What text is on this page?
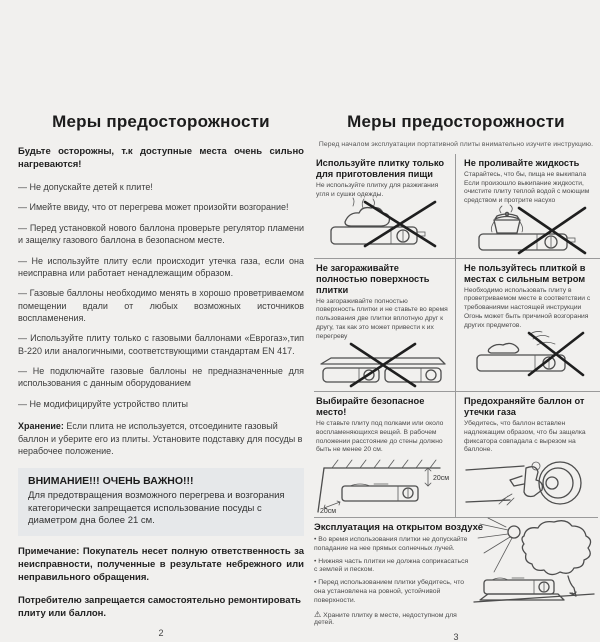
Меры предосторожности

Будьте осторожны, т.к доступные места очень сильно нагреваются!

— Не допускайте детей к плите!

— Имейте ввиду, что от перегрева может произойти возгорание!

— Перед установкой нового баллона проверьте регулятор пламени и защелку газового баллона в безопасном месте.

— Не используйте плиту если происходит утечка газа, если она неисправна или работает ненадлежащим образом.

— Газовые баллоны необходимо менять в хорошо проветриваемом помещении вдали от любых возможных источников воспламенения.

— Используйте плиту только с газовыми баллонами «Еврогаз»,тип В-220 или аналогичными, соответствующими стандартам EN 417.

— Не подключайте газовые баллоны не предназначенные для использования с данным оборудованием

— Не модифицируйте устройство плиты

Хранение: Если плита не используется, отсоедините газовый баллон и уберите его из плиты. Установите подставку для посуды в нерабочее положение.

ВНИМАНИЕ!!! ОЧЕНЬ ВАЖНО!!!

Для предотвращения возможного перегрева и возгорания категорически запрещается использование посуды с диаметром дна более 21 см.

Примечание: Покупатель несет полную ответственность за неисправности, полученные в результате небрежного или неправильного обращения.

Потребителю запрещается самостоятельно ремонтировать плиту или баллон.

2
Меры предосторожности

Перед началом эксплуатации портативной плиты внимательно изучите инструкцию.

Используйте плитку только для приготовления пищи

Не используйте плитку для разжигания угля и сушки одежды.

Не проливайте жидкость

Старайтесь, что бы, пища не выкипала Если произошло выкипание жидкости, очистите плиту теплой водой с моющим средством и протрите насухо

Не загораживайте полностью поверхность плитки

Не загораживайте полностью поверхность плитки и не ставьте во время пользования две плитки вплотную друг к другу, так как это может привести к их перегреву

Не пользуйтесь плиткой в местах с сильным ветром

Необходимо использовать плиту в проветриваемом месте в соответствии с требованиями настоящей инструкции Огонь может быть причиной возгорания других предметов.

Выбирайте безопасное место!

Не ставьте плиту под полками или около воспламеняющихся вещей. В рабочем положении расстояние до стены должно быть не менее 20 см.

20см
20см

Предохраняйте баллон от утечки газа

Убедитесь, что баллон вставлен надлежащим образом, что бы защелка фиксатора совпадала с вырезом на баллоне.

Эксплуатация на открытом воздухе

• Во время использования плитки не допускайте попадание на нее прямых солнечных лучей.

• Нижняя часть плитки не должна соприкасаться с землей и песком.

• Перед использованием плитки убедитесь, что она установлена на ровной, устойчивой поверхности.

⚠ Храните плитку в месте, недоступном для детей.

3
